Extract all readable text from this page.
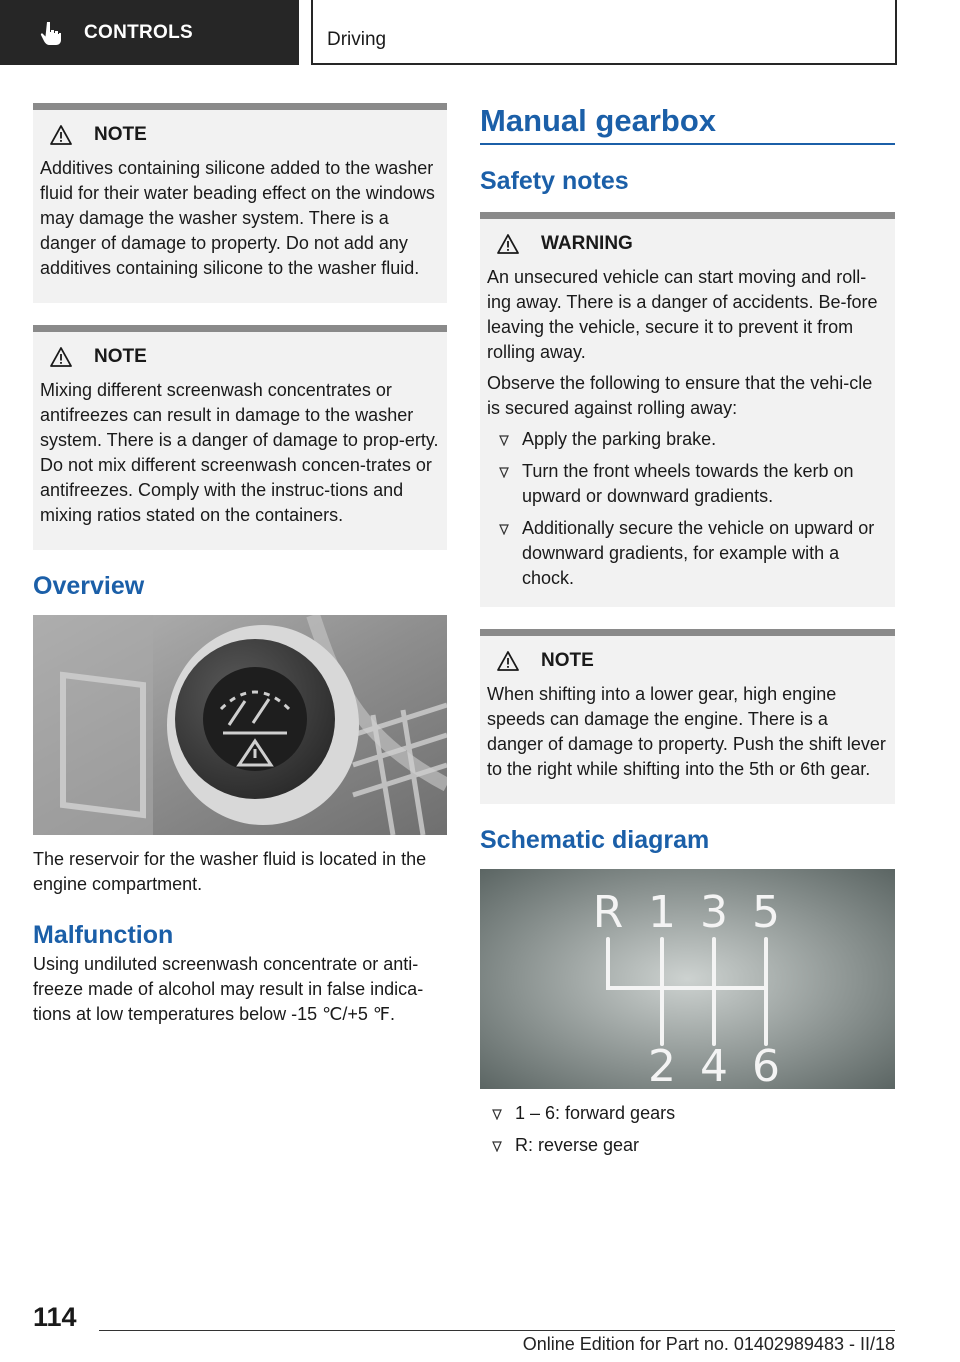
CONTROLS	Driving
NOTE

Additives containing silicone added to the washer fluid for their water beading effect on the windows may damage the washer system. There is a danger of damage to property. Do not add any additives containing silicone to the washer fluid.

NOTE

Mixing different screenwash concentrates or antifreezes can result in damage to the washer system. There is a danger of damage to prop-erty. Do not mix different screenwash concen-trates or antifreezes. Comply with the instruc-tions and mixing ratios stated on the containers.

Overview

The reservoir for the washer fluid is located in the engine compartment.

Malfunction

Using undiluted screenwash concentrate or anti-freeze made of alcohol may result in false indica-tions at low temperatures below -15 ℃/+5 ℉.

Manual gearbox
Safety notes
WARNING

An unsecured vehicle can start moving and roll-ing away. There is a danger of accidents. Be-fore leaving the vehicle, secure it to prevent it from rolling away.

Observe the following to ensure that the vehi-cle is secured against rolling away:

Apply the parking brake.
Turn the front wheels towards the kerb on upward or downward gradients.
Additionally secure the vehicle on upward or downward gradients, for example with a chock.
NOTE

When shifting into a lower gear, high engine speeds can damage the engine. There is a danger of damage to property. Push the shift lever to the right while shifting into the 5th or 6th gear.

Schematic diagram
R 1 3 5
2 4 6
1 – 6: forward gears
R: reverse gear
114
Online Edition for Part no. 01402989483 - II/18
